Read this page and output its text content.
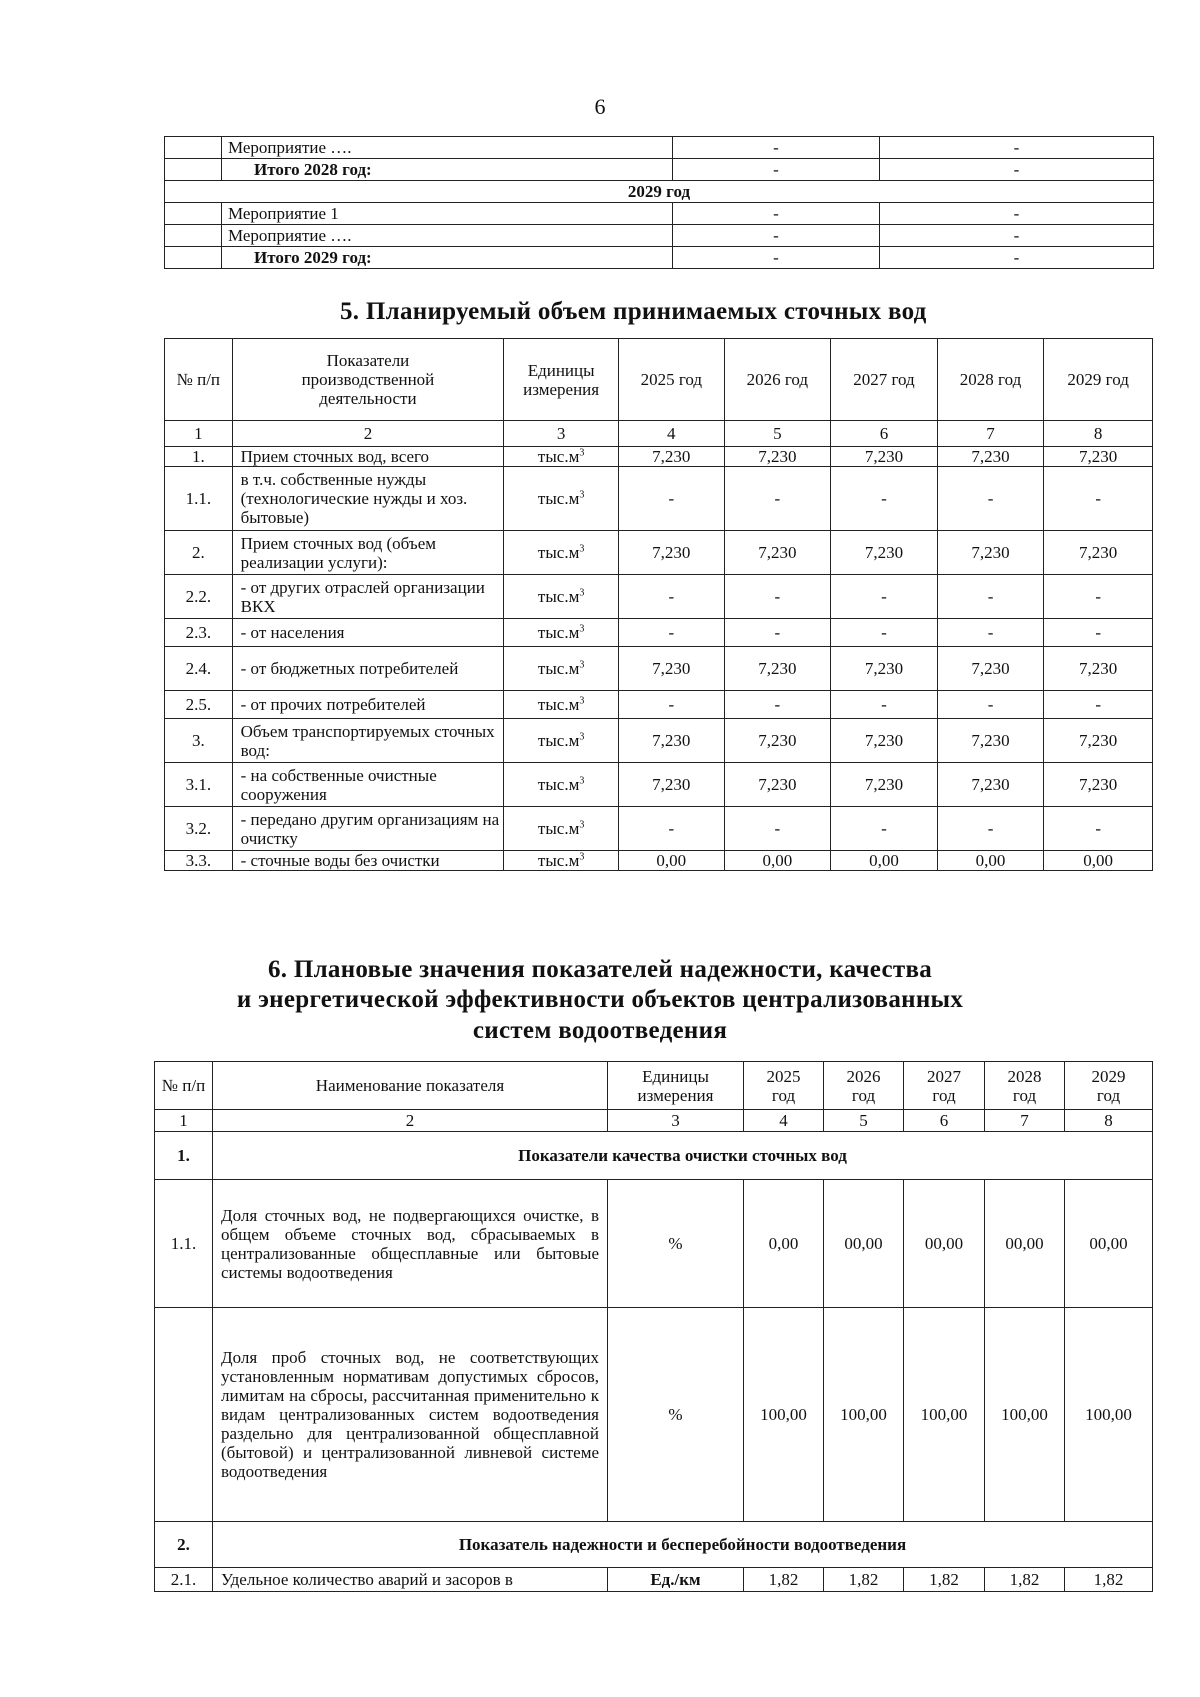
6
	Мероприятие ….	-	-
	Итого 2028 год:	-	-
2029 год			
	Мероприятие 1	-	-
	Мероприятие ….	-	-
	Итого 2029 год:	-	-
5. Планируемый объем принимаемых сточных вод
№ п/п	Показатели производственной деятельности	Единицы измерения	2025 год	2026 год	2027 год	2028 год	2029 год
1	2	3	4	5	6	7	8
1.	Прием сточных вод, всего	$тыс.м^3$	7,230	7,230	7,230	7,230	7,230
1.1.	в т.ч. собственные нужды (технологические нужды и хоз. бытовые)	$тыс.м^3$	-	-	-	-	-
2.	Прием сточных вод (объем реализации услуги):	$тыс.м^3$	7,230	7,230	7,230	7,230	7,230
2.2.	- от других отраслей организации ВКХ	$тыс.м^3$	-	-	-	-	-
2.3.	- от населения	$тыс.м^3$	-	-	-	-	-
2.4.	- от бюджетных потребителей	$тыс.м^3$	7,230	7,230	7,230	7,230	7,230
2.5.	- от прочих потребителей	$тыс.м^3$	-	-	-	-	-
3.	Объем транспортируемых сточных вод:	$тыс.м^3$	7,230	7,230	7,230	7,230	7,230
3.1.	- на собственные очистные сооружения	$тыс.м^3$	7,230	7,230	7,230	7,230	7,230
3.2.	- передано другим организациям на очистку	$тыс.м^3$	-	-	-	-	-
3.3.	- сточные воды без очистки	$тыс.м^3$	0,00	0,00	0,00	0,00	0,00
6. Плановые значения показателей надежности, качества
и энергетической эффективности объектов централизованных
систем водоотведения
№ п/п	Наименование показателя	Единицы измерения	2025 год	2026 год	2027 год	2028 год	2029 год
1	2	3	4	5	6	7	8
1.	Показатели качества очистки сточных вод						
1.1.	Доля сточных вод, не подвергающихся очистке, в общем объеме сточных вод, сбрасываемых в централизованные общесплавные или бытовые системы водоотведения	%	0,00	00,00	00,00	00,00	00,00
	Доля проб сточных вод, не соответствующих установленным нормативам допустимых сбросов, лимитам на сбросы, рассчитанная применительно к видам централизованных систем водоотведения раздельно для централизованной общесплавной (бытовой) и централизованной ливневой системе водоотведения	%	100,00	100,00	100,00	100,00	100,00
2.	Показатель надежности и бесперебойности водоотведения						
2.1.	Удельное количество аварий и засоров в	Ед./км	1,82	1,82	1,82	1,82	1,82
